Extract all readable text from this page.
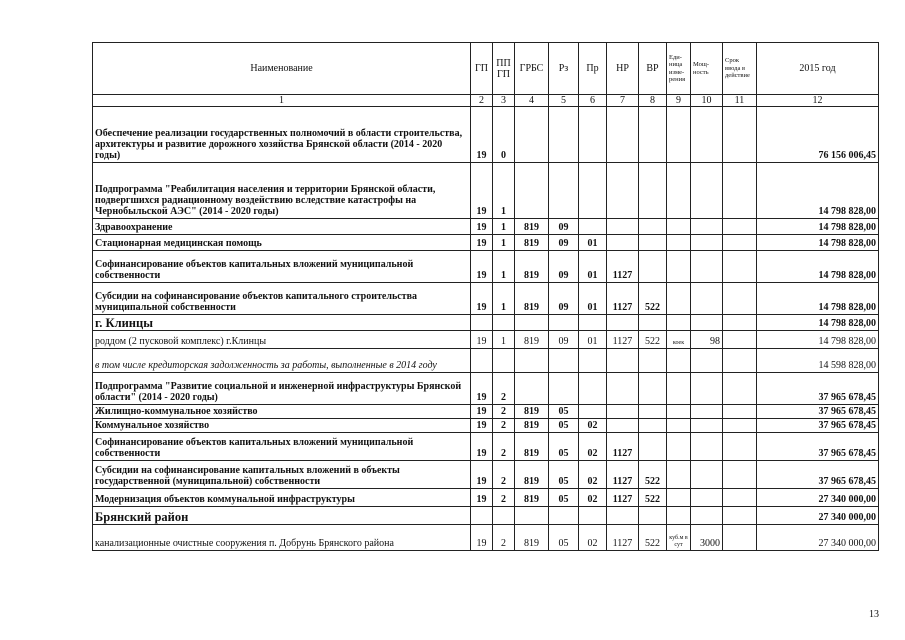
Наименование	ГП	ПП ГП	ГРБС	Рз	Пр	НР	ВР	Еди-ница изме-рения	Мощ-ность	Срок ввода в действие	2015 год
1	2	3	4	5	6	7	8	9	10	11	12
Обеспечение реализации государственных полномочий в области строительства, архитектуры и развитие дорожного хозяйства Брянской области (2014 - 2020 годы)	19	0									76 156 006,45
Подпрограмма "Реабилитация населения и территории Брянской области, подвергшихся радиационному воздействию вследствие катастрофы на Чернобыльской АЭС" (2014 - 2020 годы)	19	1									14 798 828,00
Здравоохранение	19	1	819	09							14 798 828,00
Стационарная медицинская помощь	19	1	819	09	01						14 798 828,00
Софинансирование объектов капитальных вложений муниципальной собственности	19	1	819	09	01	1127					14 798 828,00
Субсидии на софинансирование объектов капитального строительства муниципальной собственности	19	1	819	09	01	1127	522				14 798 828,00
г. Клинцы											14 798 828,00
роддом (2 пусковой комплекс) г.Клинцы	19	1	819	09	01	1127	522	коек	98		14 798 828,00
в том числе кредиторская задолженность за работы, выполненные в 2014 году											14 598 828,00
Подпрограмма "Развитие социальной и инженерной инфраструктуры Брянской области" (2014 - 2020 годы)	19	2									37 965 678,45
Жилищно-коммунальное хозяйство	19	2	819	05							37 965 678,45
Коммунальное хозяйство	19	2	819	05	02						37 965 678,45
Софинансирование объектов капитальных вложений муниципальной собственности	19	2	819	05	02	1127					37 965 678,45
Субсидии на софинансирование капитальных вложений в объекты государственной (муниципальной) собственности	19	2	819	05	02	1127	522				37 965 678,45
Модернизация объектов коммунальной инфраструктуры	19	2	819	05	02	1127	522				27 340 000,00
Брянский район											27 340 000,00
канализационные очистные сооружения п. Добрунь Брянского района	19	2	819	05	02	1127	522	куб.м в сут	3000		27 340 000,00
13
